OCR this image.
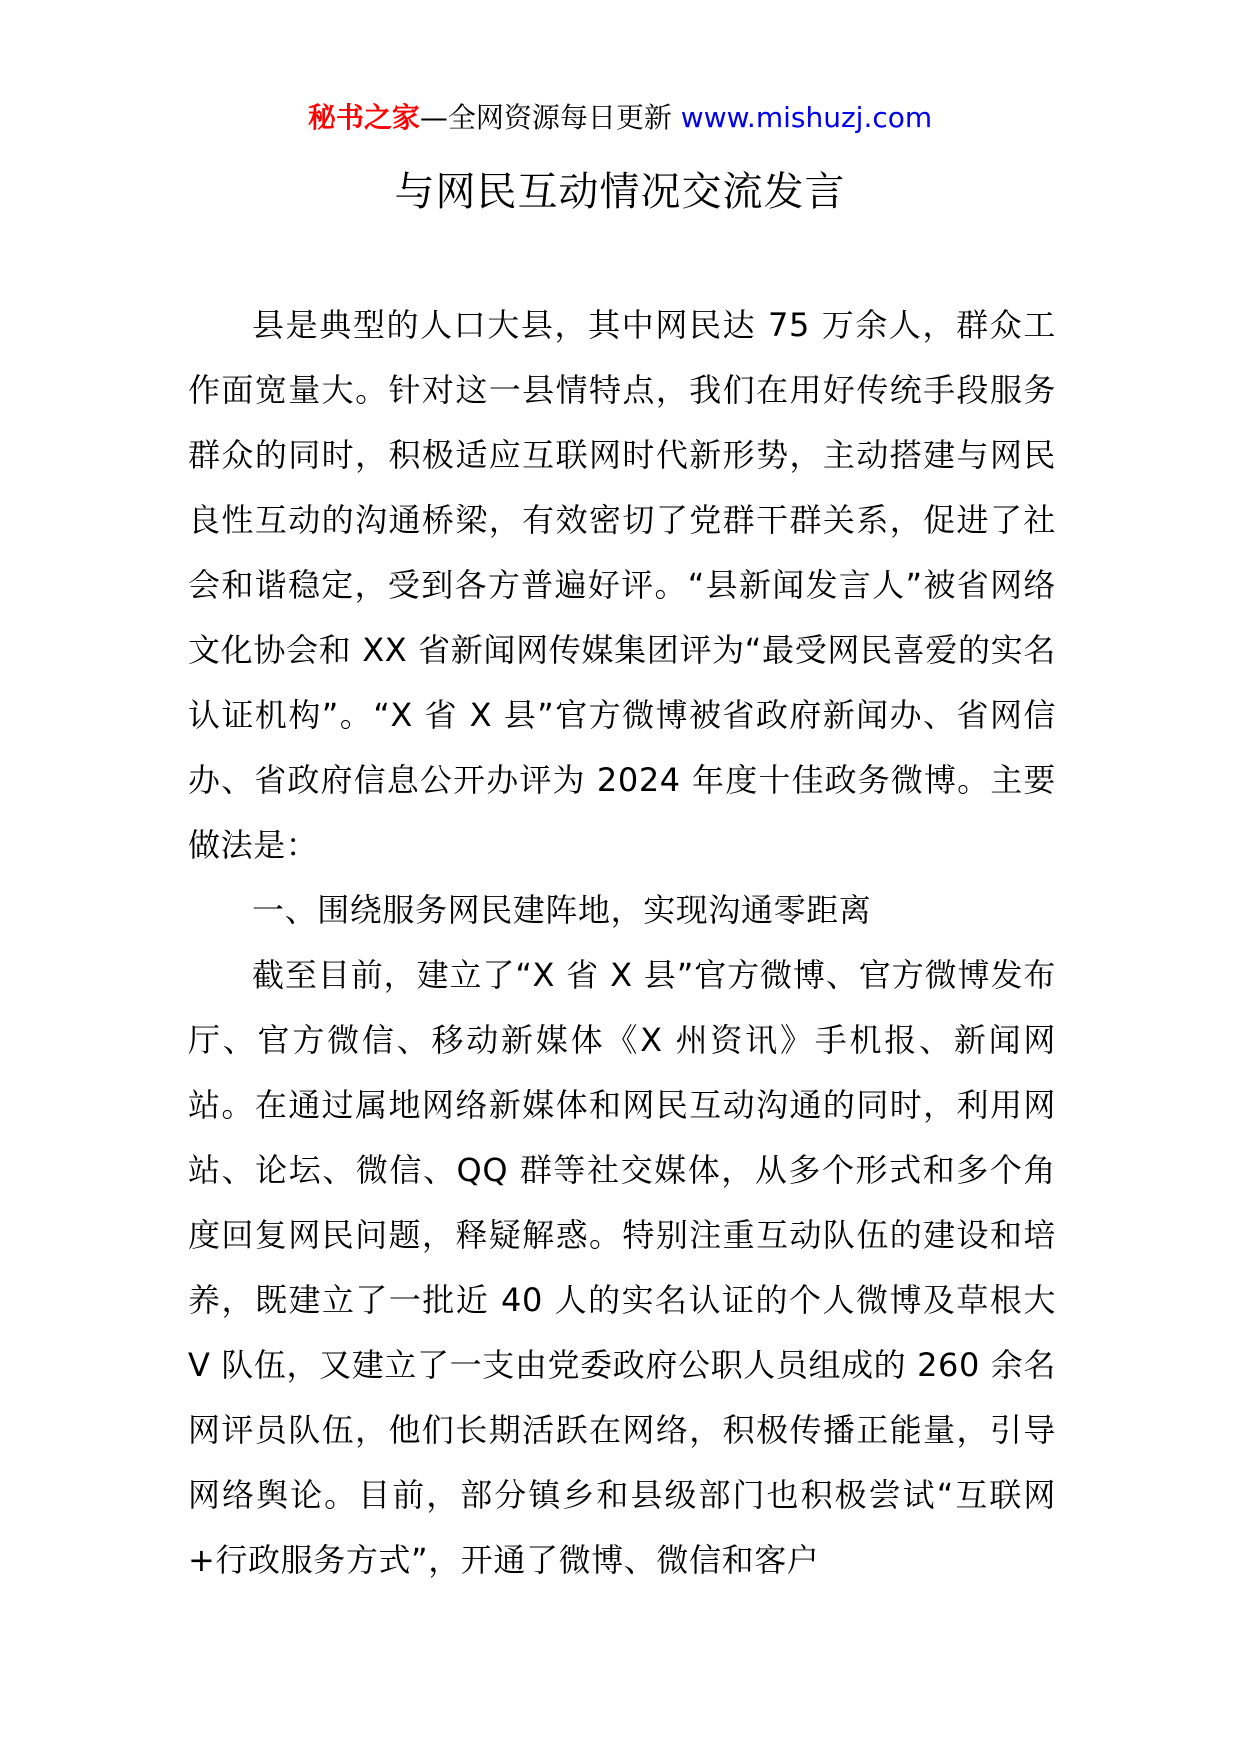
秘书之家—全网资源每日更新 www.mishuzj.com
与网民互动情况交流发言

县是典型的人口大县，其中网民达 75 万余人，群众工作面宽量大。针对这一县情特点，我们在用好传统手段服务群众的同时，积极适应互联网时代新形势，主动搭建与网民良性互动的沟通桥梁，有效密切了党群干群关系，促进了社会和谐稳定，受到各方普遍好评。“县新闻发言人”被省网络文化协会和 XX 省新闻网传媒集团评为“最受网民喜爱的实名认证机构”。“X 省 X 县”官方微博被省政府新闻办、省网信办、省政府信息公开办评为 2024 年度十佳政务微博。主要做法是：

一、围绕服务网民建阵地，实现沟通零距离

截至目前，建立了“X 省 X 县”官方微博、官方微博发布厅、官方微信、移动新媒体《X 州资讯》手机报、新闻网站。在通过属地网络新媒体和网民互动沟通的同时，利用网站、论坛、微信、QQ 群等社交媒体，从多个形式和多个角度回复网民问题，释疑解惑。特别注重互动队伍的建设和培养，既建立了一批近 40 人的实名认证的个人微博及草根大 V 队伍，又建立了一支由党委政府公职人员组成的 260 余名网评员队伍，他们长期活跃在网络，积极传播正能量，引导网络舆论。目前，部分镇乡和县级部门也积极尝试“互联网+行政服务方式”，开通了微博、微信和客户
